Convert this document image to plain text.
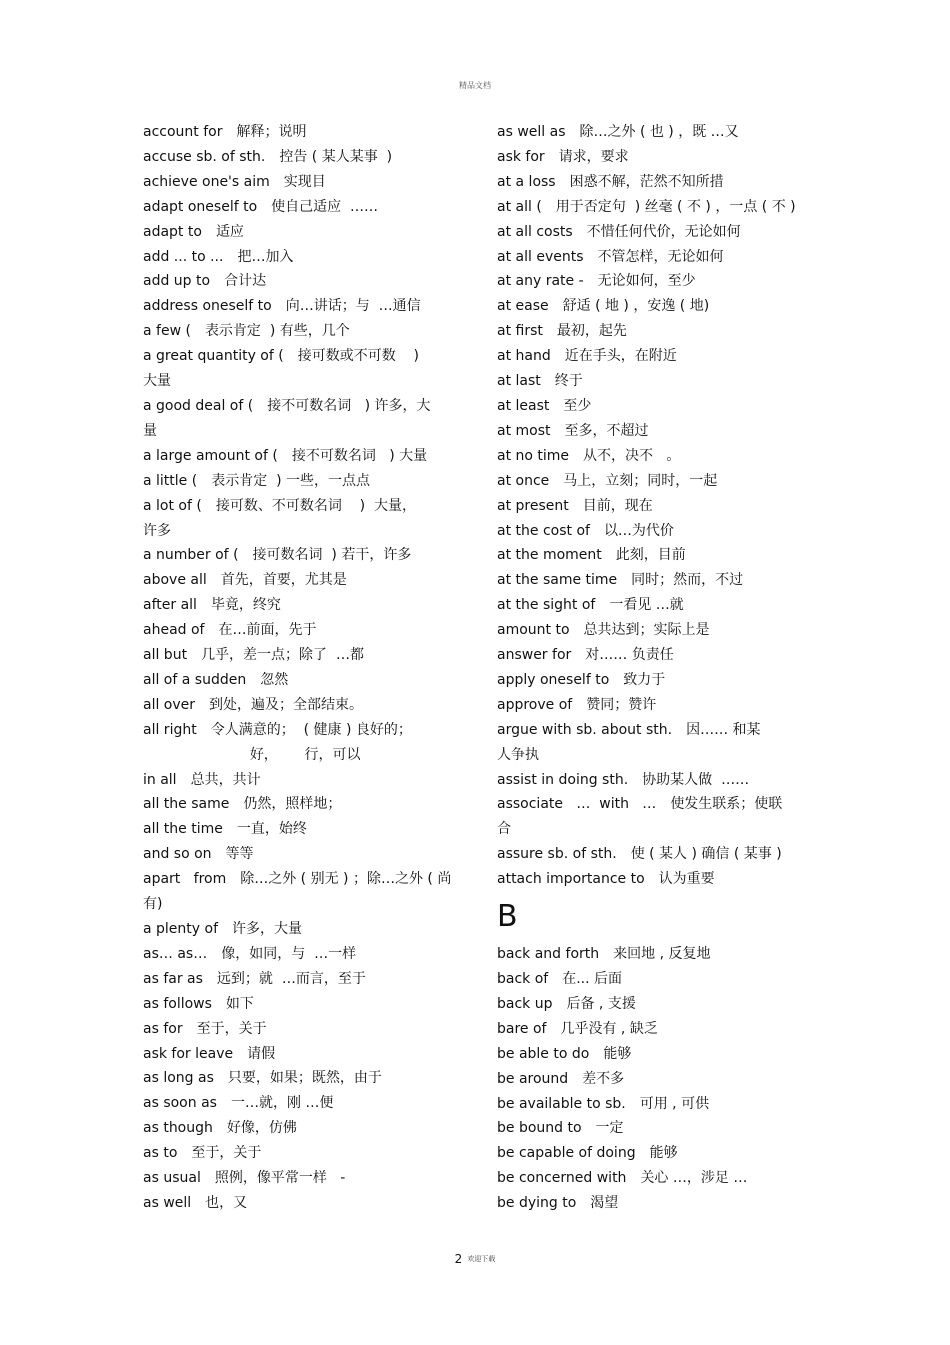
精品文档
account for 解释；说明
accuse sb. of sth. 控告 ( 某人某事  )
achieve one's aim 实现目
adapt oneself to 使自己适应  ……
adapt to 适应
add ... to ... 把…加入
add up to 合计达
address oneself to 向…讲话；与  …通信
a few ( 表示肯定  ) 有些，几个
a great quantity of ( 接可数或不可数    )
大量
a good deal of ( 接不可数名词   ) 许多，大
量
a large amount of ( 接不可数名词   ) 大量
a little ( 表示肯定  ) 一些，一点点
a lot of ( 接可数、不可数名词    )  大量，
许多
a number of ( 接可数名词  ) 若干，许多
above all 首先，首要，尤其是
after all 毕竟，终究
ahead of 在…前面，先于
all but 几乎，差一点；除了  …都
all of a sudden 忽然
all over 到处，遍及；全部结束。
all right 令人满意的；  ( 健康 ) 良好的；
好，      行，可以
in all 总共，共计
all the same 仍然，照样地；
all the time 一直，始终
and so on 等等
apart   from 除…之外 ( 别无 ) ；除…之外 ( 尚
有)
a plenty of 许多，大量
as… as… 像，如同，与  …一样
as far as 远到；就  …而言，至于
as follows 如下
as for 至于，关于
ask for leave 请假
as long as 只要，如果；既然，由于
as soon as 一…就，刚 …便
as though 好像，仿佛
as to 至于，关于
as usual 照例，像平常一样   -
as well 也，又
as well as 除…之外 ( 也 ) ，既 …又
ask for 请求，要求
at a loss 困惑不解，茫然不知所措
at all ( 用于否定句  ) 丝毫 ( 不 ) ，一点 ( 不 )
at all costs 不惜任何代价，无论如何
at all events 不管怎样，无论如何
at any rate - 无论如何，至少
at ease 舒适 ( 地 ) ，安逸 ( 地)
at first 最初，起先
at hand 近在手头，在附近
at last 终于
at least 至少
at most 至多，不超过
at no time 从不，决不   。
at once 马上，立刻；同时，一起
at present 目前，现在
at the cost of 以…为代价
at the moment 此刻，目前
at the same time 同时；然而，不过
at the sight of 一看见 …就
amount to 总共达到；实际上是
answer for 对…… 负责任
apply oneself to 致力于
approve of 赞同；赞许
argue with sb. about sth. 因…… 和某
人争执
assist in doing sth. 协助某人做  ……
associate   …  with   … 使发生联系；使联
合
assure sb. of sth. 使 ( 某人 ) 确信 ( 某事 )
attach importance to 认为重要
B
back and forth 来回地 , 反复地
back of 在... 后面
back up 后备 , 支援
bare of 几乎没有 , 缺乏
be able to do 能够
be around 差不多
be available to sb. 可用 , 可供
be bound to 一定
be capable of doing 能够
be concerned with 关心 …，涉足 …
be dying to 渴望
2 欢迎下载
